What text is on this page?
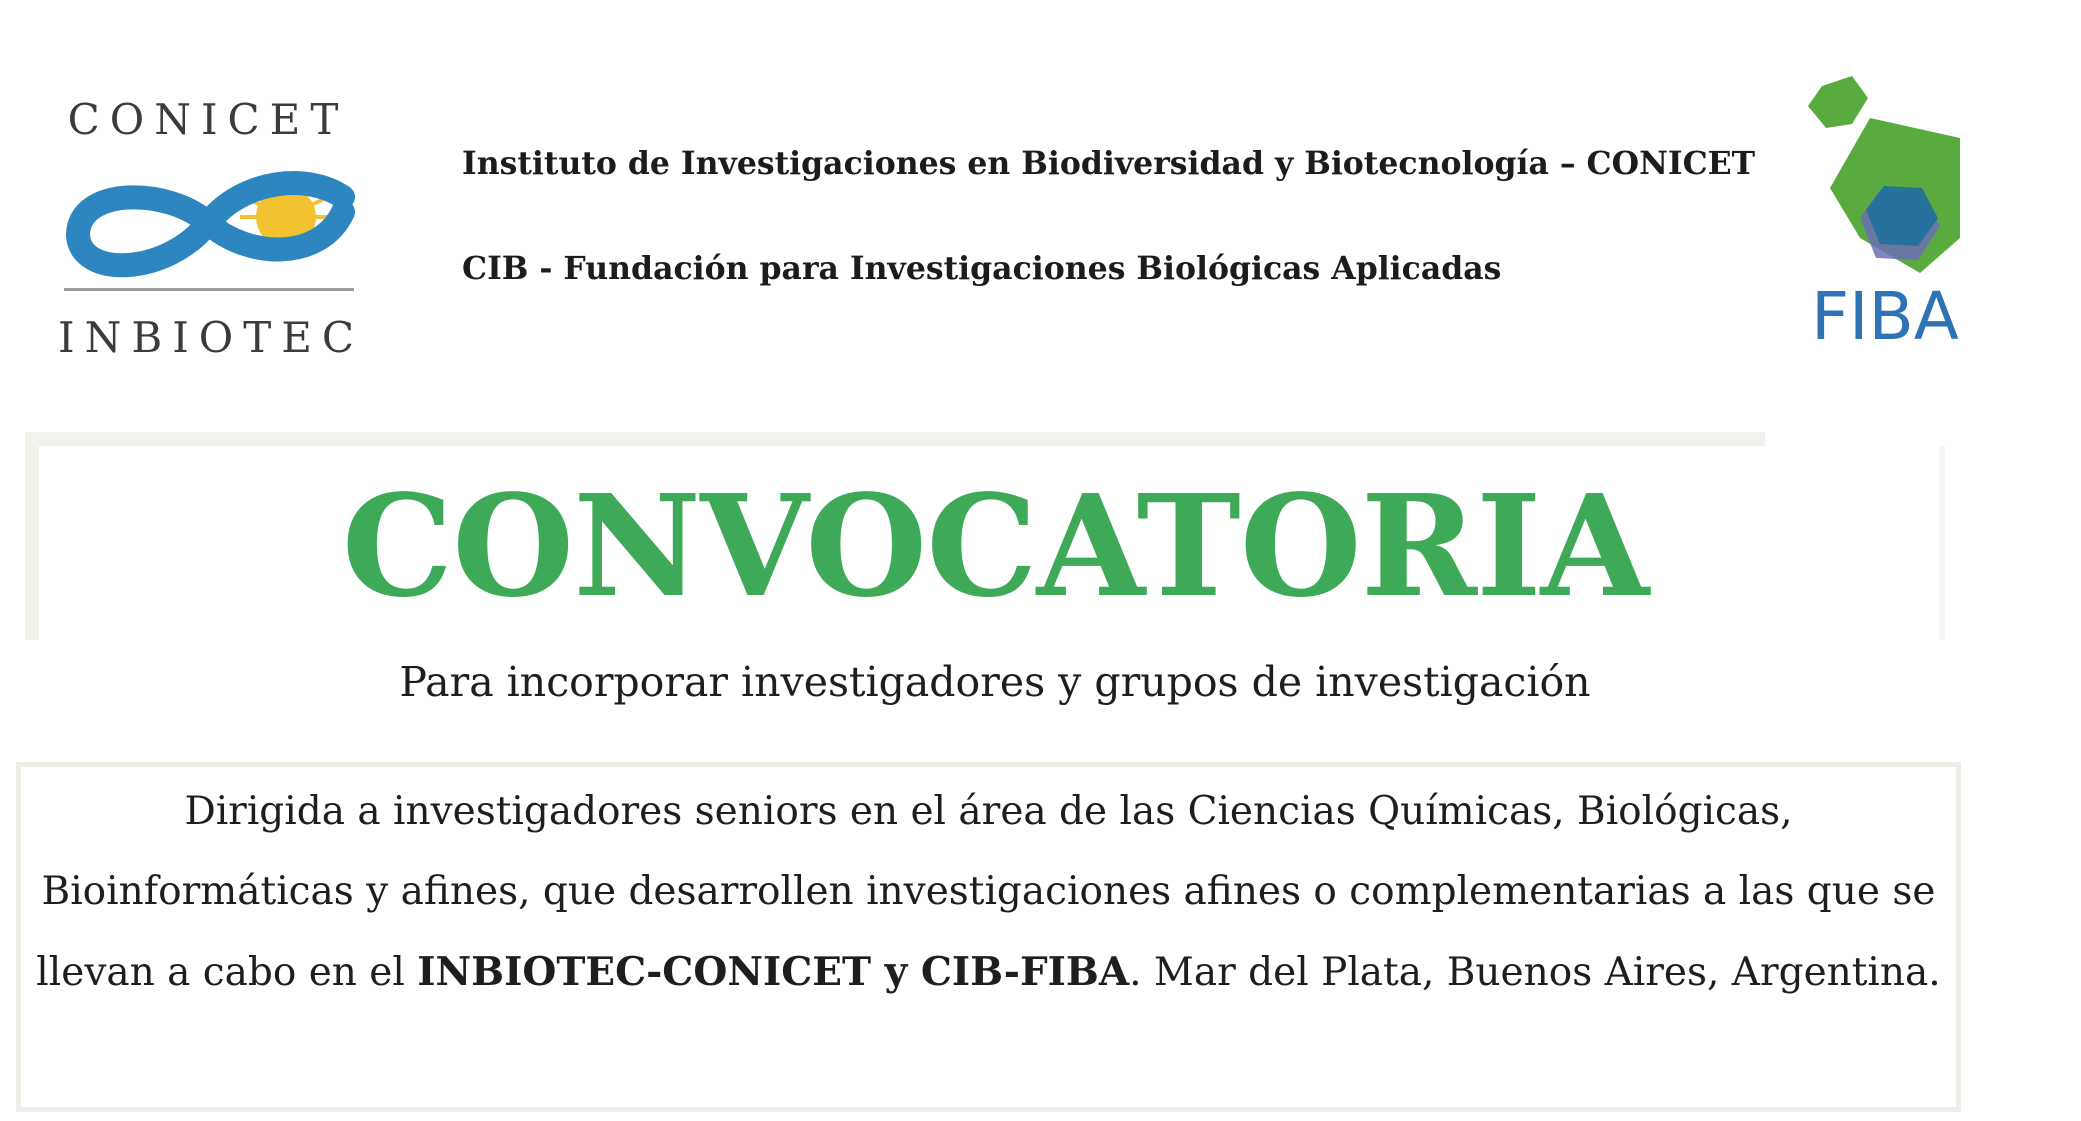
CONICET
INBIOTEC
Instituto de Investigaciones en Biodiversidad y Biotecnología – CONICET
CIB - Fundación para Investigaciones Biológicas Aplicadas
FIBA
CONVOCATORIA
Para incorporar investigadores y grupos de investigación
Dirigida a investigadores seniors en el área de las Ciencias Químicas, Biológicas, Bioinformáticas y afines, que desarrollen investigaciones afines o complementarias a las que se llevan a cabo en el INBIOTEC-CONICET y CIB-FIBA. Mar del Plata, Buenos Aires, Argentina.
